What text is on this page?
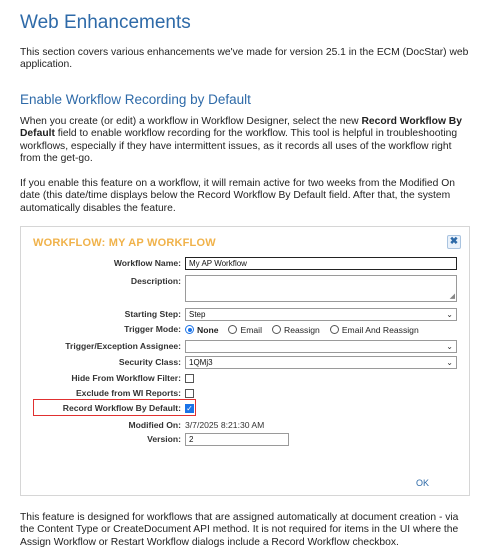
Web Enhancements

This section covers various enhancements we've made for version 25.1 in the ECM (DocStar) web application.

Enable Workflow Recording by Default

When you create (or edit) a workflow in Workflow Designer, select the new Record Workflow By Default field to enable workflow recording for the workflow. This tool is helpful in troubleshooting workflows, especially if they have intermittent issues, as it records all uses of the workflow right from the get-go.

If you enable this feature on a workflow, it will remain active for two weeks from the Modified On date (this date/time displays below the Record Workflow By Default field. After that, the system automatically disables the feature.

WORKFLOW: MY AP WORKFLOW	✖
Workflow Name:	My AP Workflow
Description:
◢
Starting Step:	Step	⌄
Trigger Mode: None	Email	Reassign	Email And Reassign
Trigger/Exception Assignee:	⌄
Security Class:	1QMj3	⌄
Hide From Workflow Filter:
Exclude from WI Reports:
Record Workflow By Default: ✓
Modified On: 3/7/2025 8:21:30 AM
Version:	2
OK

This feature is designed for workflows that are assigned automatically at document creation - via the Content Type or CreateDocument API method. It is not required for items in the UI where the Assign Workflow or Restart Workflow dialogs include a Record Workflow checkbox.
